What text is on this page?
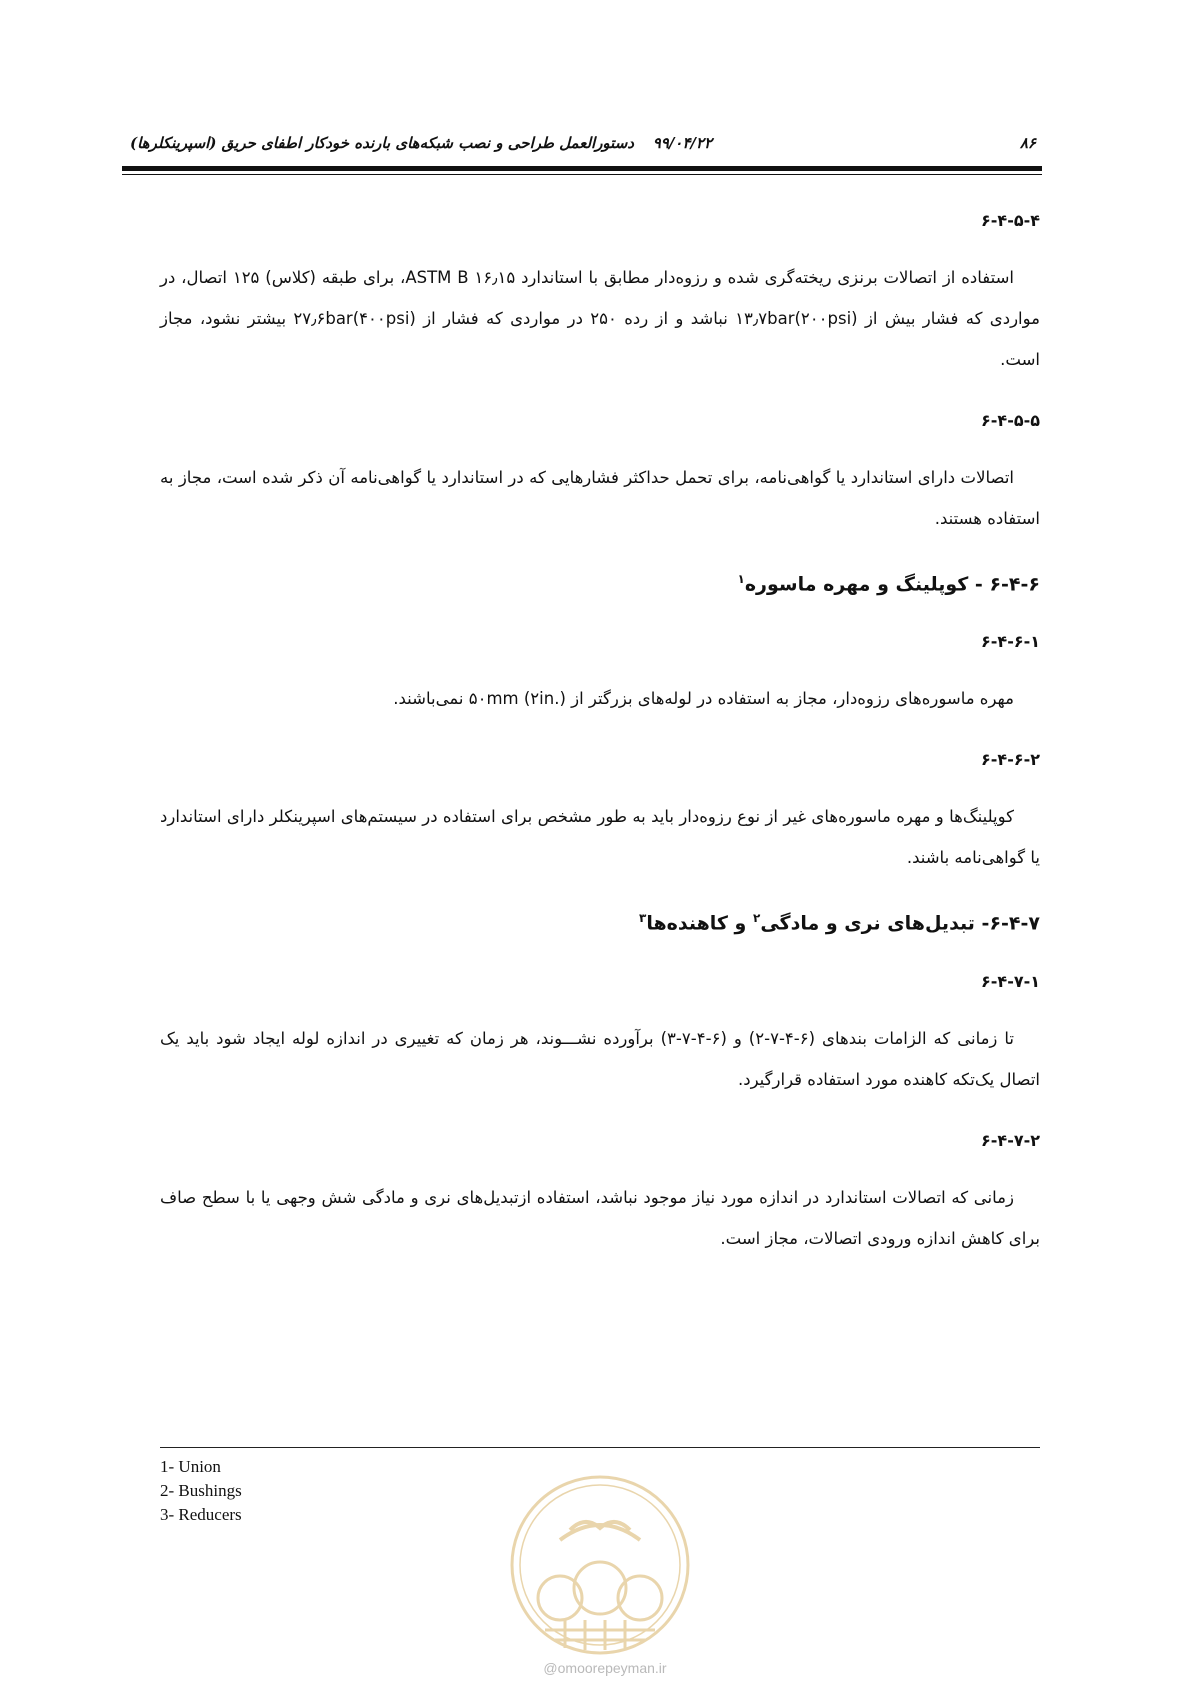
۸۶
۹۹/۰۴/۲۲
دستورالعمل طراحی و نصب شبکه‌های بارنده خودکار اطفای حریق (اسپرینکلرها)
۶-۴-۵-۴

استفاده از اتصالات برنزی ریخته‌گری شده و رزوه‌دار مطابق با استاندارد ASTM B ۱۶٫۱۵، برای طبقه (کلاس) ۱۲۵ اتصال، در مواردی که فشار بیش از ۱۳٫۷bar(۲۰۰psi) نباشد و از رده ۲۵۰ در مواردی که فشار از ۲۷٫۶bar(۴۰۰psi) بیشتر نشود، مجاز است.

۶-۴-۵-۵

اتصالات دارای استاندارد یا گواهی‌نامه، برای تحمل حداکثر فشارهایی که در استاندارد یا گواهی‌نامه آن ذکر شده است، مجاز به استفاده هستند.

۶-۴-۶ - کوپلینگ و مهره ماسوره$^۱$
۶-۴-۶-۱

مهره ماسوره‌های رزوه‌دار، مجاز به استفاده در لوله‌های بزرگتر از ۵۰mm (۲in.) نمی‌باشند.

۶-۴-۶-۲

کوپلینگ‌ها و مهره ماسوره‌های غیر از نوع رزوه‌دار باید به طور مشخص برای استفاده در سیستم‌های اسپرینکلر دارای استاندارد یا گواهی‌نامه باشند.

۶-۴-۷- تبدیل‌های نری و مادگی$^۲$ و کاهنده‌ها$^۳$
۶-۴-۷-۱

تا زمانی که الزامات بندهای (۶-۴-۷-۲) و (۶-۴-۷-۳) برآورده نشـــوند، هر زمان که تغییری در اندازه لوله ایجاد شود باید یک اتصال یک‌تکه کاهنده مورد استفاده قرارگیرد.

۶-۴-۷-۲

زمانی که اتصالات استاندارد در اندازه مورد نیاز موجود نباشد، استفاده ازتبدیل‌های نری و مادگی شش وجهی یا با سطح صاف برای کاهش اندازه ورودی اتصالات، مجاز است.

1- Union
2- Bushings
3- Reducers
@omoorepeyman.ir
